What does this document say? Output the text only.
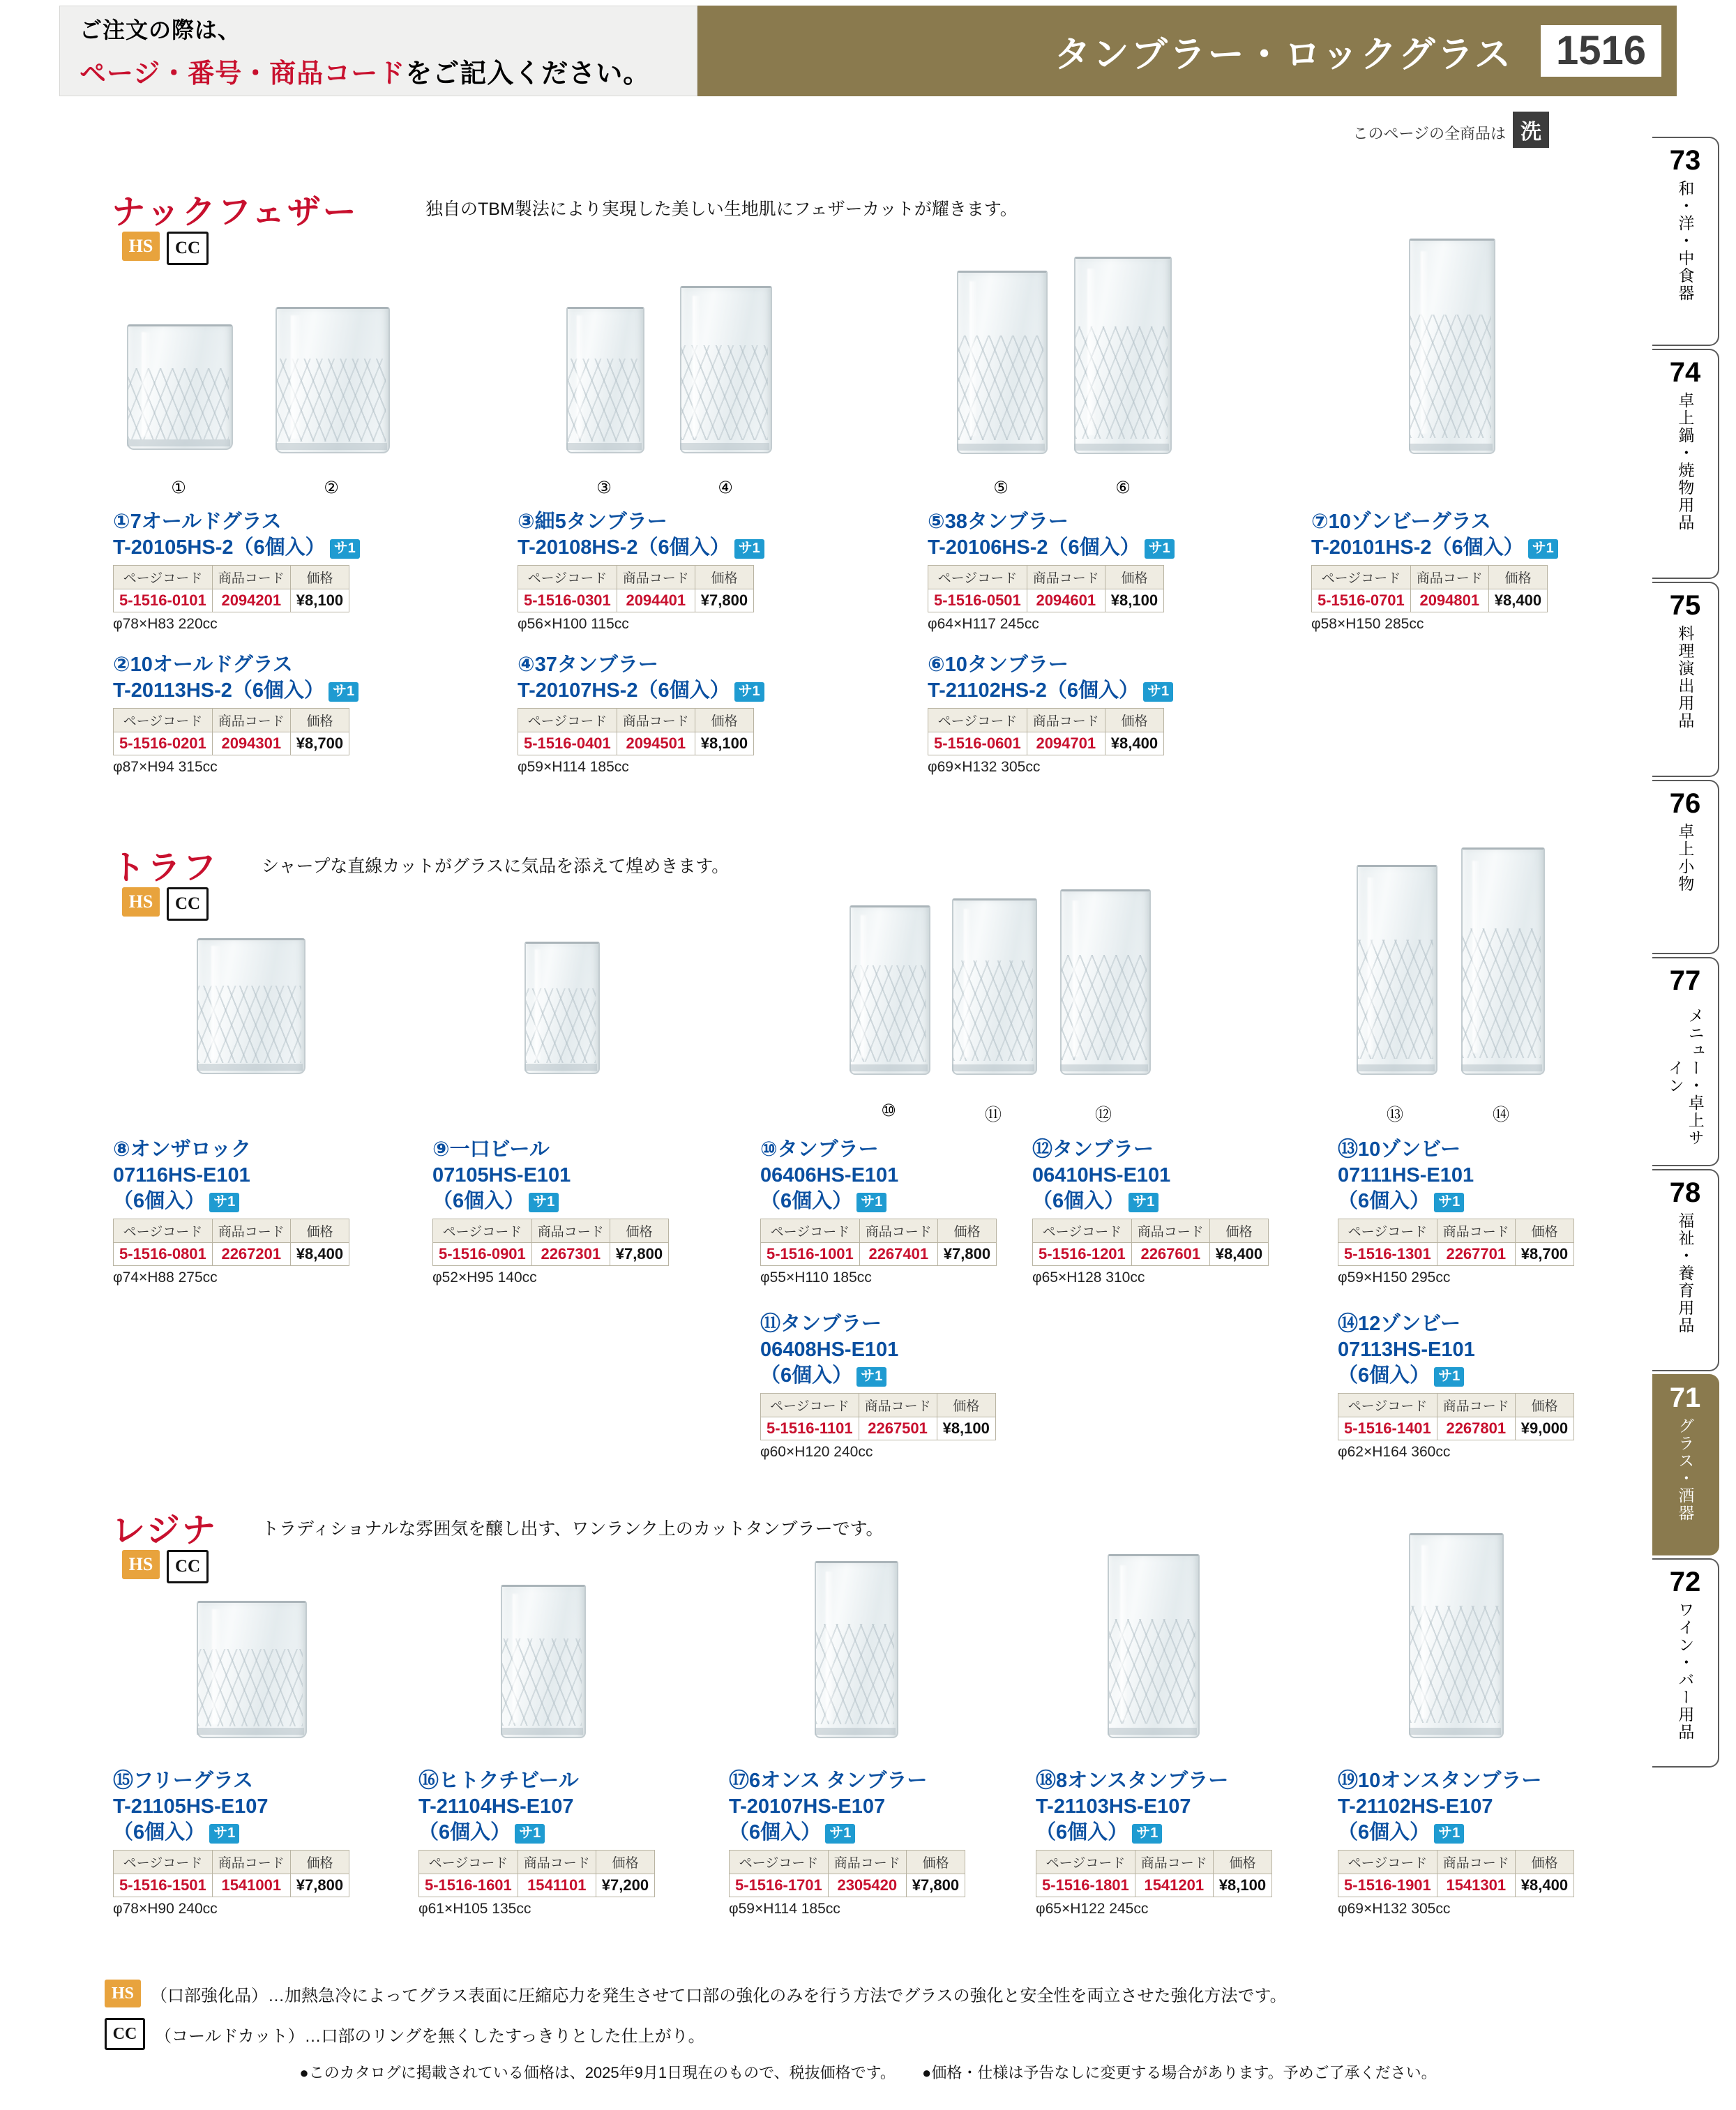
ご注文の際は、
ページ・番号・商品コードをご記入ください。	タンブラー・ロックグラス	1516
このページの全商品は 洗
73
和・洋・中食器
74
卓上鍋・焼物用品
75
料理演出用品
76
卓上小物
77
メニュー・卓上サイン
78
福祉・養育用品
71
グラス・酒器
72
ワイン・バー用品
ナックフェザー	独自のTBM製法により実現した美しい生地肌にフェザーカットが耀きます。
HS	CC
①	②	③	④	⑤	⑥
①7オールドグラス
T-20105HS-2（6個入） サ1
ページコード	商品コード	価格
5-1516-0101	2094201	¥8,100
φ78×H83 220cc
②10オールドグラス
T-20113HS-2（6個入） サ1
ページコード	商品コード	価格
5-1516-0201	2094301	¥8,700
φ87×H94 315cc
③細5タンブラー
T-20108HS-2（6個入） サ1
ページコード	商品コード	価格
5-1516-0301	2094401	¥7,800
φ56×H100 115cc
④37タンブラー
T-20107HS-2（6個入） サ1
ページコード	商品コード	価格
5-1516-0401	2094501	¥8,100
φ59×H114 185cc
⑤38タンブラー
T-20106HS-2（6個入） サ1
ページコード	商品コード	価格
5-1516-0501	2094601	¥8,100
φ64×H117 245cc
⑥10タンブラー
T-21102HS-2（6個入） サ1
ページコード	商品コード	価格
5-1516-0601	2094701	¥8,400
φ69×H132 305cc
⑦10ゾンビーグラス
T-20101HS-2（6個入） サ1
ページコード	商品コード	価格
5-1516-0701	2094801	¥8,400
φ58×H150 285cc
トラフ シャープな直線カットがグラスに気品を添えて煌めきます。
HS	CC
⑩	⑪	⑫	⑬	⑭
⑧オンザロック
07116HS-E101
（6個入） サ1
ページコード	商品コード	価格
5-1516-0801	2267201	¥8,400
φ74×H88 275cc
⑨一口ビール
07105HS-E101
（6個入） サ1
ページコード	商品コード	価格
5-1516-0901	2267301	¥7,800
φ52×H95 140cc
⑩タンブラー
06406HS-E101
（6個入） サ1
ページコード	商品コード	価格
5-1516-1001	2267401	¥7,800
φ55×H110 185cc
⑪タンブラー
06408HS-E101
（6個入） サ1
ページコード	商品コード	価格
5-1516-1101	2267501	¥8,100
φ60×H120 240cc
⑫タンブラー
06410HS-E101
（6個入） サ1
ページコード	商品コード	価格
5-1516-1201	2267601	¥8,400
φ65×H128 310cc
⑬10ゾンビー
07111HS-E101
（6個入） サ1
ページコード	商品コード	価格
5-1516-1301	2267701	¥8,700
φ59×H150 295cc
⑭12ゾンビー
07113HS-E101
（6個入） サ1
ページコード	商品コード	価格
5-1516-1401	2267801	¥9,000
φ62×H164 360cc
レジナ	トラディショナルな雰囲気を醸し出す、ワンランク上のカットタンブラーです。
HS	CC
⑮フリーグラス
T-21105HS-E107
（6個入） サ1
ページコード	商品コード	価格
5-1516-1501	1541001	¥7,800
φ78×H90 240cc
⑯ヒトクチビール
T-21104HS-E107
（6個入） サ1
ページコード	商品コード	価格
5-1516-1601	1541101	¥7,200
φ61×H105 135cc
⑰6オンス タンブラー
T-20107HS-E107
（6個入） サ1
ページコード	商品コード	価格
5-1516-1701	2305420	¥7,800
φ59×H114 185cc
⑱8オンスタンブラー
T-21103HS-E107
（6個入） サ1
ページコード	商品コード	価格
5-1516-1801	1541201	¥8,100
φ65×H122 245cc
⑲10オンスタンブラー
T-21102HS-E107
（6個入） サ1
ページコード	商品コード	価格
5-1516-1901	1541301	¥8,400
φ69×H132 305cc
HS	（口部強化品）…加熱急冷によってグラス表面に圧縮応力を発生させて口部の強化のみを行う方法でグラスの強化と安全性を両立させた強化方法です。
CC	（コールドカット）…口部のリングを無くしたすっきりとした仕上がり。
●このカタログに掲載されている価格は、2025年9月1日現在のもので、税抜価格です。 ●価格・仕様は予告なしに変更する場合があります。予めご了承ください。
